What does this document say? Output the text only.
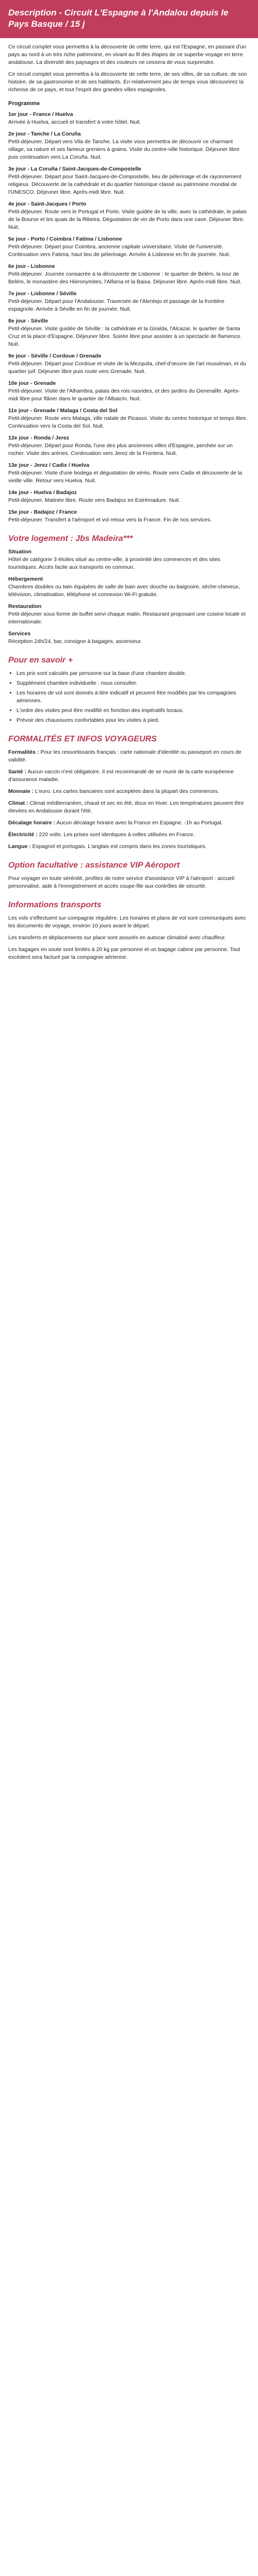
Description - Circuit L'Espagne à l'Andalou depuis le Pays Basque / 15 j

Ce circuit complet vous permettra à la découverte de cette terre, qui est l'Espagne, en passant d'un pays au nord à un très riche patrimoine, en vivant au fil des étapes de ce superbe voyage en terre andalouse. La diversité des paysages et des couleurs ne cessera de vous surprendre.

Ce circuit complet vous permettra à la découverte de cette terre, de ses villes, de sa culture, de son histoire, de sa gastronomie et de ses habitants. En relativement peu de temps vous découvrirez la richesse de ce pays, et tout l'esprit des grandes villes espagnoles.

Programme

1er jour - France / Huelva
Arrivée à Huelva, accueil et transfert à votre hôtel. Nuit.

2e jour - Tanche / La Coruña
Petit-déjeuner. Départ vers Vila de Tanche. La visite vous permettra de découvrir ce charmant village, sa nature et ses fameux greniers à grains. Visite du centre-ville historique. Déjeuner libre puis continuation vers La Coruña. Nuit.

3e jour - La Coruña / Saint-Jacques-de-Compostelle
Petit-déjeuner. Départ pour Saint-Jacques-de-Compostelle, lieu de pèlerinage et de rayonnement religieux. Découverte de la cathédrale et du quartier historique classé au patrimoine mondial de l'UNESCO. Déjeuner libre. Après-midi libre. Nuit.

4e jour - Saint-Jacques / Porto
Petit-déjeuner. Route vers le Portugal et Porto. Visite guidée de la ville, avec la cathédrale, le palais de la Bourse et les quais de la Ribeira. Dégustation de vin de Porto dans une cave. Déjeuner libre. Nuit.

5e jour - Porto / Coimbra / Fatima / Lisbonne
Petit-déjeuner. Départ pour Coimbra, ancienne capitale universitaire. Visite de l'université. Continuation vers Fatima, haut lieu de pèlerinage. Arrivée à Lisbonne en fin de journée. Nuit.

6e jour - Lisbonne
Petit-déjeuner. Journée consacrée à la découverte de Lisbonne : le quartier de Belém, la tour de Belém, le monastère des Hiéronymites, l'Alfama et la Baixa. Déjeuner libre. Après-midi libre. Nuit.

7e jour - Lisbonne / Séville
Petit-déjeuner. Départ pour l'Andalousie. Traversée de l'Alentejo et passage de la frontière espagnole. Arrivée à Séville en fin de journée. Nuit.

8e jour - Séville
Petit-déjeuner. Visite guidée de Séville : la cathédrale et la Giralda, l'Alcazar, le quartier de Santa Cruz et la place d'Espagne. Déjeuner libre. Soirée libre pour assister à un spectacle de flamenco. Nuit.

9e jour - Séville / Cordoue / Grenade
Petit-déjeuner. Départ pour Cordoue et visite de la Mezquita, chef-d'œuvre de l'art musulman, et du quartier juif. Déjeuner libre puis route vers Grenade. Nuit.

10e jour - Grenade
Petit-déjeuner. Visite de l'Alhambra, palais des rois nasrides, et des jardins du Generalife. Après-midi libre pour flâner dans le quartier de l'Albaicín. Nuit.

11e jour - Grenade / Malaga / Costa del Sol
Petit-déjeuner. Route vers Malaga, ville natale de Picasso. Visite du centre historique et temps libre. Continuation vers la Costa del Sol. Nuit.

12e jour - Ronda / Jerez
Petit-déjeuner. Départ pour Ronda, l'une des plus anciennes villes d'Espagne, perchée sur un rocher. Visite des arènes. Continuation vers Jerez de la Frontera. Nuit.

13e jour - Jerez / Cadix / Huelva
Petit-déjeuner. Visite d'une bodega et dégustation de xérès. Route vers Cadix et découverte de la vieille ville. Retour vers Huelva. Nuit.

14e jour - Huelva / Badajoz
Petit-déjeuner. Matinée libre. Route vers Badajoz en Estrémadure. Nuit.

15e jour - Badajoz / France
Petit-déjeuner. Transfert à l'aéroport et vol retour vers la France. Fin de nos services.

Votre logement : Jbs Madeira***

Situation
Hôtel de catégorie 3 étoiles situé au centre-ville, à proximité des commerces et des sites touristiques. Accès facile aux transports en commun.

Hébergement
Chambres doubles ou twin équipées de salle de bain avec douche ou baignoire, sèche-cheveux, télévision, climatisation, téléphone et connexion Wi-Fi gratuite.

Restauration
Petit-déjeuner sous forme de buffet servi chaque matin. Restaurant proposant une cuisine locale et internationale.

Services
Réception 24h/24, bar, consigne à bagages, ascenseur.

Pour en savoir +
• Les prix sont calculés par personne sur la base d'une chambre double.
• Supplément chambre individuelle : nous consulter.
• Les horaires de vol sont donnés à titre indicatif et peuvent être modifiés par les compagnies aériennes.
• L'ordre des visites peut être modifié en fonction des impératifs locaux.
• Prévoir des chaussures confortables pour les visites à pied.
FORMALITÉS ET INFOS VOYAGEURS

Formalités : Pour les ressortissants français : carte nationale d'identité ou passeport en cours de validité.

Santé : Aucun vaccin n'est obligatoire. Il est recommandé de se munir de la carte européenne d'assurance maladie.

Monnaie : L'euro. Les cartes bancaires sont acceptées dans la plupart des commerces.

Climat : Climat méditerranéen, chaud et sec en été, doux en hiver. Les températures peuvent être élevées en Andalousie durant l'été.

Décalage horaire : Aucun décalage horaire avec la France en Espagne. -1h au Portugal.

Électricité : 220 volts. Les prises sont identiques à celles utilisées en France.

Langue : Espagnol et portugais. L'anglais est compris dans les zones touristiques.

Option facultative : assistance VIP Aéroport

Pour voyager en toute sérénité, profitez de notre service d'assistance VIP à l'aéroport : accueil personnalisé, aide à l'enregistrement et accès coupe-file aux contrôles de sécurité.

Informations transports

Les vols s'effectuent sur compagnie régulière. Les horaires et plans de vol sont communiqués avec les documents de voyage, environ 10 jours avant le départ.

Les transferts et déplacements sur place sont assurés en autocar climatisé avec chauffeur.

Les bagages en soute sont limités à 20 kg par personne et un bagage cabine par personne. Tout excédent sera facturé par la compagnie aérienne.
